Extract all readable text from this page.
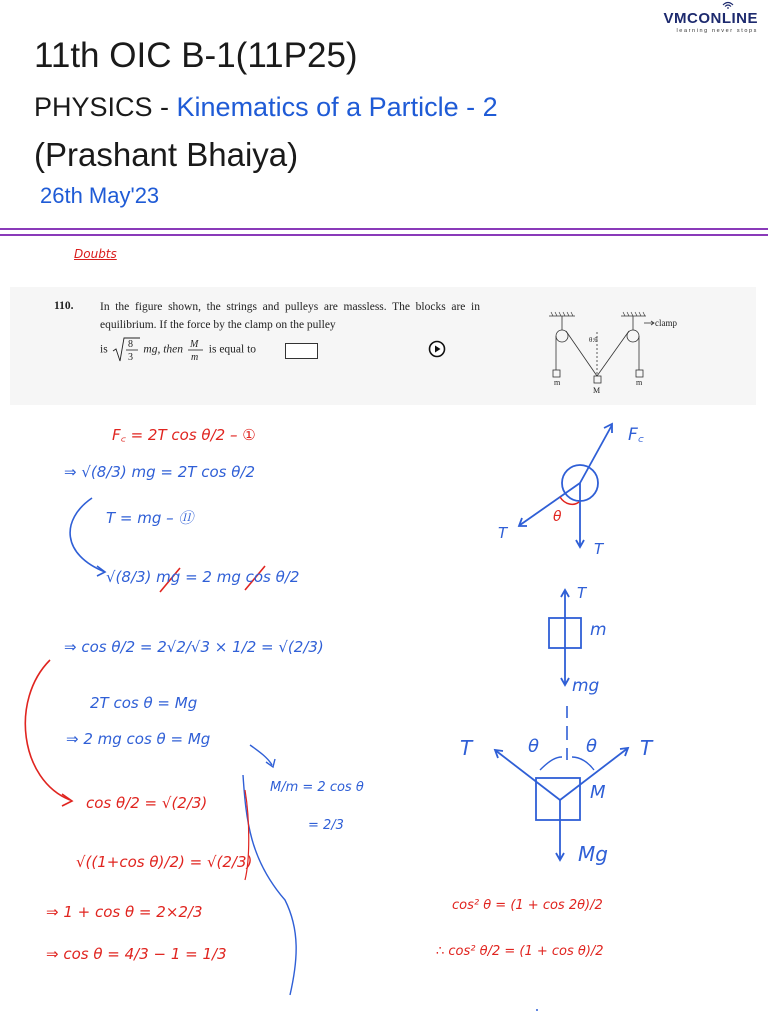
VMCONLINE
learning never stops
11th OIC B-1(11P25)
PHYSICS - Kinematics of a Particle - 2
(Prashant Bhaiya)
26th May'23
Doubts
110. In the figure shown, the strings and pulleys are massless. The blocks are in equilibrium. If the force by the clamp on the pulley
is 8
3
mg, then M
m
is equal to
clamp
m
M
m
θ:θ
F꜀ = 2T cos θ/2 – ①
⇒ √(8/3) mg = 2T cos θ/2
T = mg – ⑪
√(8/3) mg = 2 mg cos θ/2
⇒ cos θ/2 = 2√2/√3 × 1/2 = √(2/3)
2T cos θ = Mg
⇒ 2 mg cos θ = Mg
cos θ/2 = √(2/3)
√((1+cos θ)/2) = √(2/3)
⇒ 1 + cos θ = 2×2/3
⇒ cos θ = 4/3 − 1 = 1/3
M/m = 2 cos θ
= 2/3
cos² θ = (1 + cos 2θ)/2
∴ cos² θ/2 = (1 + cos θ)/2
F꜀
T
θ
T
T
m
mg
T	θ	θ T
M
Mg
